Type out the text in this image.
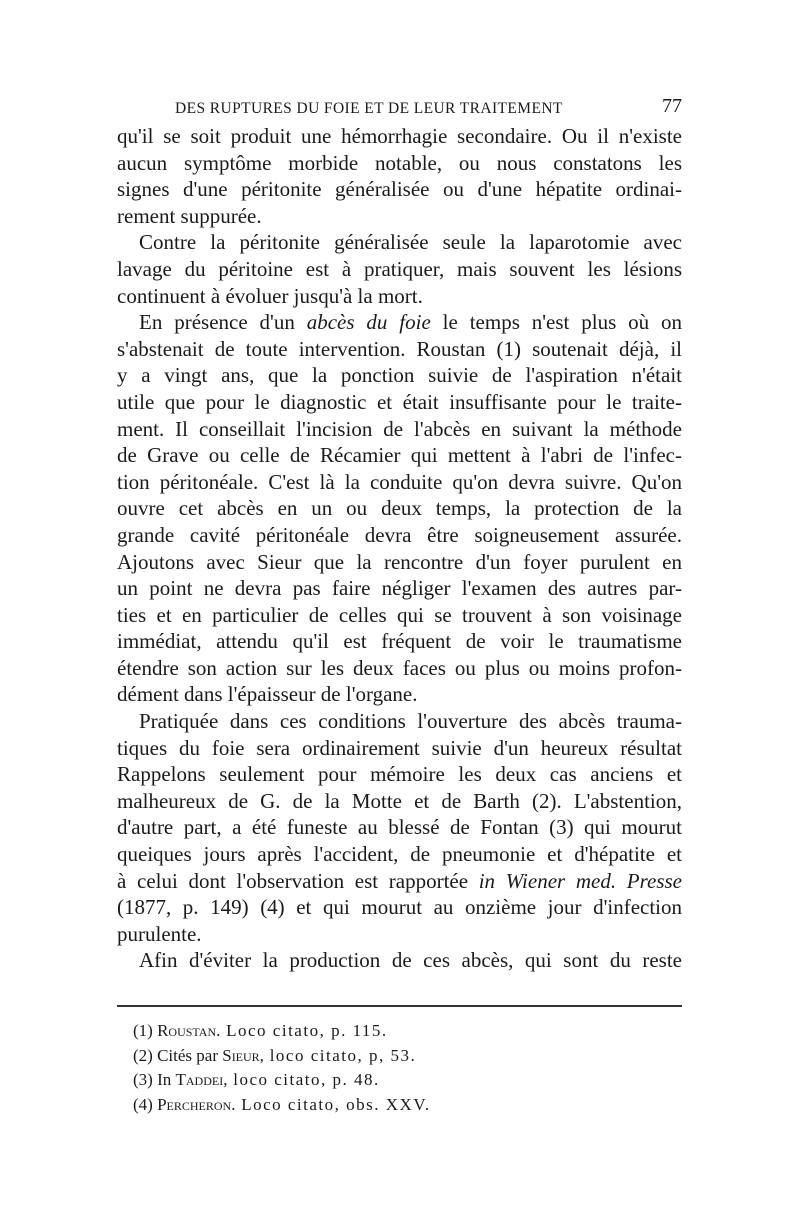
DES RUPTURES DU FOIE ET DE LEUR TRAITEMENT	77
qu'il se soit produit une hémorrhagie secondaire. Ou il n'existe
aucun symptôme morbide notable, ou nous constatons les
signes d'une péritonite généralisée ou d'une hépatite ordinai-
rement suppurée.
Contre la péritonite généralisée seule la laparotomie avec
lavage du péritoine est à pratiquer, mais souvent les lésions
continuent à évoluer jusqu'à la mort.
En présence d'un abcès du foie le temps n'est plus où on
s'abstenait de toute intervention. Roustan (1) soutenait déjà, il
y a vingt ans, que la ponction suivie de l'aspiration n'était
utile que pour le diagnostic et était insuffisante pour le traite-
ment. Il conseillait l'incision de l'abcès en suivant la méthode
de Grave ou celle de Récamier qui mettent à l'abri de l'infec-
tion péritonéale. C'est là la conduite qu'on devra suivre. Qu'on
ouvre cet abcès en un ou deux temps, la protection de la
grande cavité péritonéale devra être soigneusement assurée.
Ajoutons avec Sieur que la rencontre d'un foyer purulent en
un point ne devra pas faire négliger l'examen des autres par-
ties et en particulier de celles qui se trouvent à son voisinage
immédiat, attendu qu'il est fréquent de voir le traumatisme
étendre son action sur les deux faces ou plus ou moins profon-
dément dans l'épaisseur de l'organe.
Pratiquée dans ces conditions l'ouverture des abcès trauma-
tiques du foie sera ordinairement suivie d'un heureux résultat
Rappelons seulement pour mémoire les deux cas anciens et
malheureux de G. de la Motte et de Barth (2). L'abstention,
d'autre part, a été funeste au blessé de Fontan (3) qui mourut
queiques jours après l'accident, de pneumonie et d'hépatite et
à celui dont l'observation est rapportée in Wiener med. Presse
(1877, p. 149) (4) et qui mourut au onzième jour d'infection
purulente.
Afin d'éviter la production de ces abcès, qui sont du reste
(1) Roustan. Loco citato, p. 115.
(2) Cités par Sieur, loco citato, p, 53.
(3) In Taddei, loco citato, p. 48.
(4) Percheron. Loco citato, obs. XXV.
